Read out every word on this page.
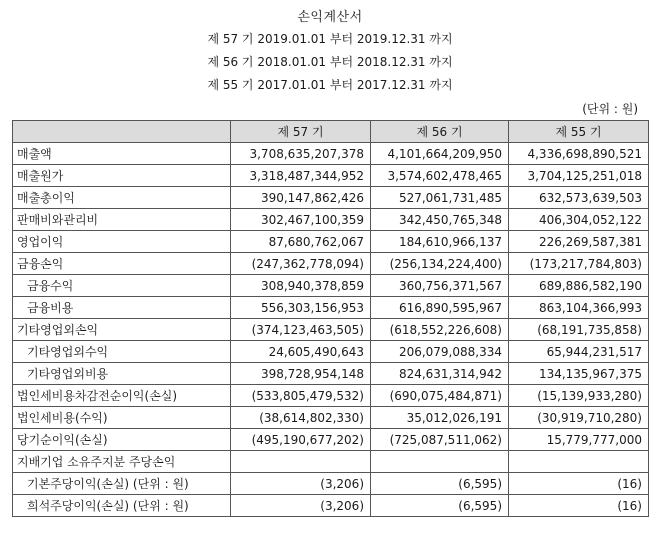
손익계산서
제 57 기 2019.01.01 부터 2019.12.31 까지
제 56 기 2018.01.01 부터 2018.12.31 까지
제 55 기 2017.01.01 부터 2017.12.31 까지
(단위 : 원)
	제 57 기	제 56 기	제 55 기
매출액	3,708,635,207,378	4,101,664,209,950	4,336,698,890,521
매출원가	3,318,487,344,952	3,574,602,478,465	3,704,125,251,018
매출총이익	390,147,862,426	527,061,731,485	632,573,639,503
판매비와관리비	302,467,100,359	342,450,765,348	406,304,052,122
영업이익	87,680,762,067	184,610,966,137	226,269,587,381
금융손익	(247,362,778,094)	(256,134,224,400)	(173,217,784,803)
금융수익	308,940,378,859	360,756,371,567	689,886,582,190
금융비용	556,303,156,953	616,890,595,967	863,104,366,993
기타영업외손익	(374,123,463,505)	(618,552,226,608)	(68,191,735,858)
기타영업외수익	24,605,490,643	206,079,088,334	65,944,231,517
기타영업외비용	398,728,954,148	824,631,314,942	134,135,967,375
법인세비용차감전순이익(손실)	(533,805,479,532)	(690,075,484,871)	(15,139,933,280)
법인세비용(수익)	(38,614,802,330)	35,012,026,191	(30,919,710,280)
당기순이익(손실)	(495,190,677,202)	(725,087,511,062)	15,779,777,000
지배기업 소유주지분 주당손익			
기본주당이익(손실) (단위 : 원)	(3,206)	(6,595)	(16)
희석주당이익(손실) (단위 : 원)	(3,206)	(6,595)	(16)
